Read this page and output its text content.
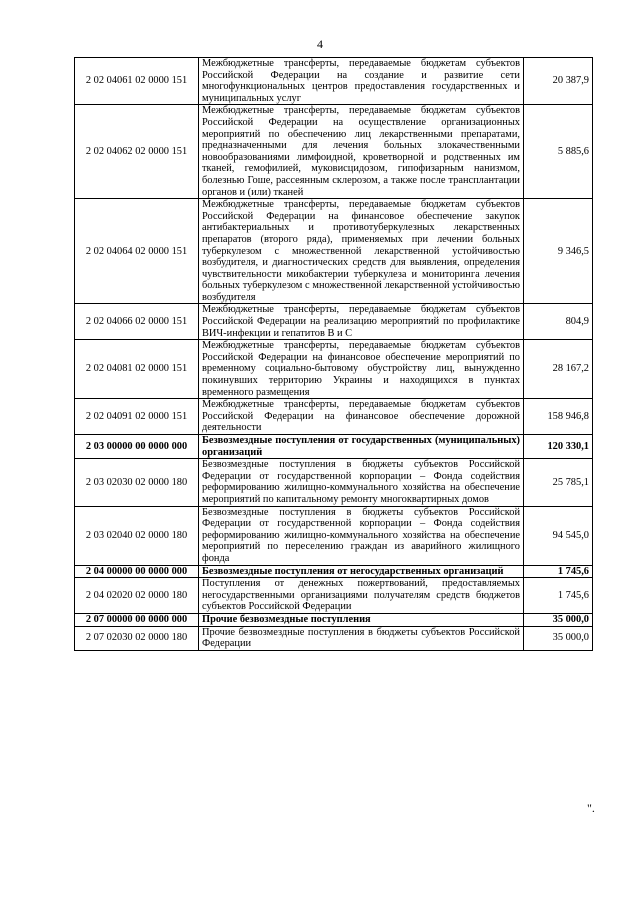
4
2 02 04061 02 0000 151	Межбюджетные трансферты, передаваемые бюджетам субъектов Российской Федерации на создание и развитие сети многофункциональных центров предоставления государственных и муниципальных услуг	20 387,9
2 02 04062 02 0000 151	Межбюджетные трансферты, передаваемые бюджетам субъектов Российской Федерации на осуществление организационных мероприятий по обеспечению лиц лекарственными препаратами, предназначенными для лечения больных злокачественными новообразованиями лимфоидной, кроветворной и родственных им тканей, гемофилией, муковисцидозом, гипофизарным нанизмом, болезнью Гоше, рассеянным склерозом, а также после трансплантации органов и (или) тканей	5 885,6
2 02 04064 02 0000 151	Межбюджетные трансферты, передаваемые бюджетам субъектов Российской Федерации на финансовое обеспечение закупок антибактериальных и противотуберкулезных лекарственных препаратов (второго ряда), применяемых при лечении больных туберкулезом с множественной лекарственной устойчивостью возбудителя, и диагностических средств для выявления, определения чувствительности микобактерии туберкулеза и мониторинга лечения больных туберкулезом с множественной лекарственной устойчивостью возбудителя	9 346,5
2 02 04066 02 0000 151	Межбюджетные трансферты, передаваемые бюджетам субъектов Российской Федерации на реализацию мероприятий по профилактике ВИЧ-инфекции и гепатитов В и С	804,9
2 02 04081 02 0000 151	Межбюджетные трансферты, передаваемые бюджетам субъектов Российской Федерации на финансовое обеспечение мероприятий по временному социально-бытовому обустройству лиц, вынужденно покинувших территорию Украины и находящихся в пунктах временного размещения	28 167,2
2 02 04091 02 0000 151	Межбюджетные трансферты, передаваемые бюджетам субъектов Российской Федерации на финансовое обеспечение дорожной деятельности	158 946,8
2 03 00000 00 0000 000	Безвозмездные поступления от государственных (муниципальных) организаций	120 330,1
2 03 02030 02 0000 180	Безвозмездные поступления в бюджеты субъектов Российской Федерации от государственной корпорации – Фонда содействия реформированию жилищно-коммунального хозяйства на обеспечение мероприятий по капитальному ремонту многоквартирных домов	25 785,1
2 03 02040 02 0000 180	Безвозмездные поступления в бюджеты субъектов Российской Федерации от государственной корпорации – Фонда содействия реформированию жилищно-коммунального хозяйства на обеспечение мероприятий по переселению граждан из аварийного жилищного фонда	94 545,0
2 04 00000 00 0000 000	Безвозмездные поступления от негосударственных организаций	1 745,6
2 04 02020 02 0000 180	Поступления от денежных пожертвований, предоставляемых негосударственными организациями получателям средств бюджетов субъектов Российской Федерации	1 745,6
2 07 00000 00 0000 000	Прочие безвозмездные поступления	35 000,0
2 07 02030 02 0000 180	Прочие безвозмездные поступления в бюджеты субъектов Российской Федерации	35 000,0
".
